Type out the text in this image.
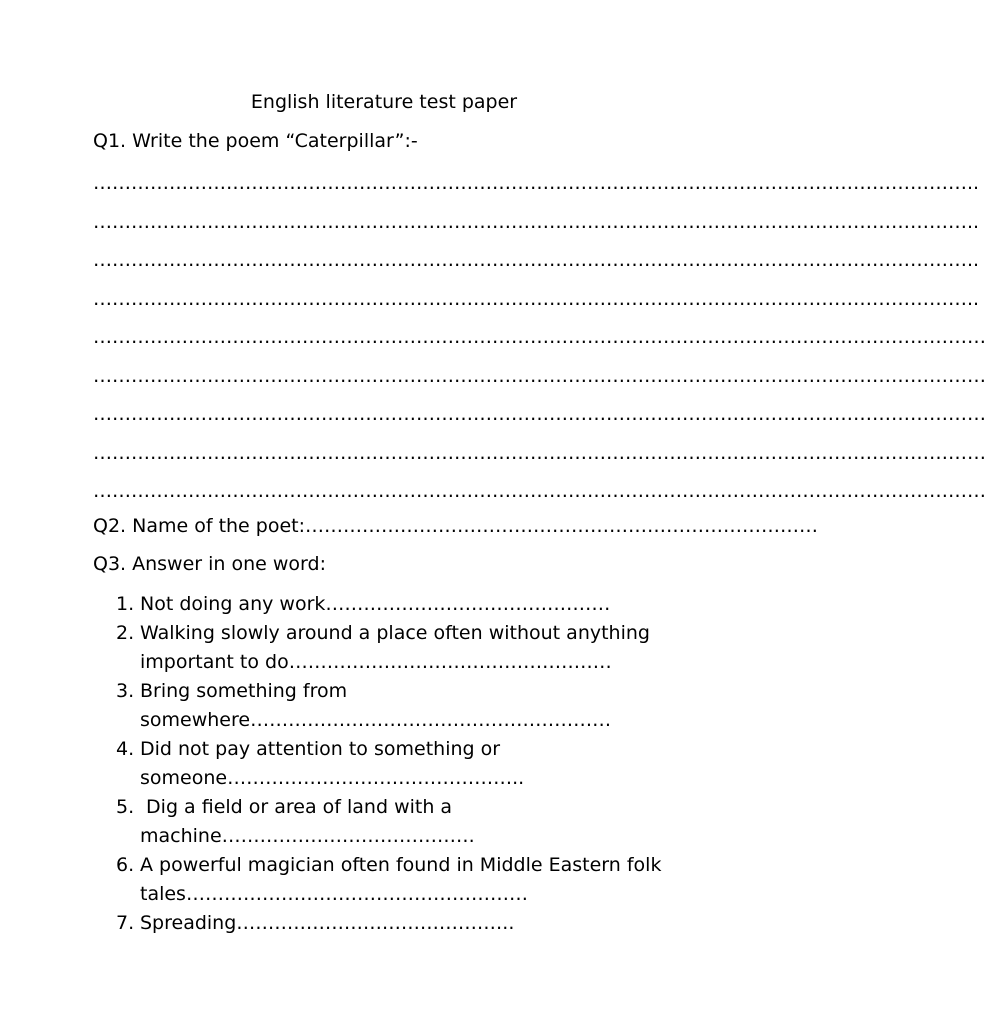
English literature test paper
Q1. Write the poem “Caterpillar”:-
…………………………………………………………………………………………………………………………..
…………………………………………………………………………………………………………………………..
…………………………………………………………………………………………………………………………..
…………………………………………………………………………………………………………………………..
……………………………………………………………………………………………………………………………
……………………………………………………………………………………………………………………………
……………………………………………………………………………………………………………………………
……………………………………………………………………………………………………………………………
……………………………………………………………………………………………………………………………
Q2. Name of the poet:………………………………………………………………………
Q3. Answer in one word:
1. Not doing any work………………………………………
2. Walking slowly around a place often without anything important to do……………………………………………
3. Bring something from somewhere…………………………………………………
4. Did not pay attention to something or someone………………………………………..
5. Dig a field or area of land with a machine………………………………….
6. A powerful magician often found in Middle Eastern folk tales………………………………………………
7. Spreading……………………………………..
